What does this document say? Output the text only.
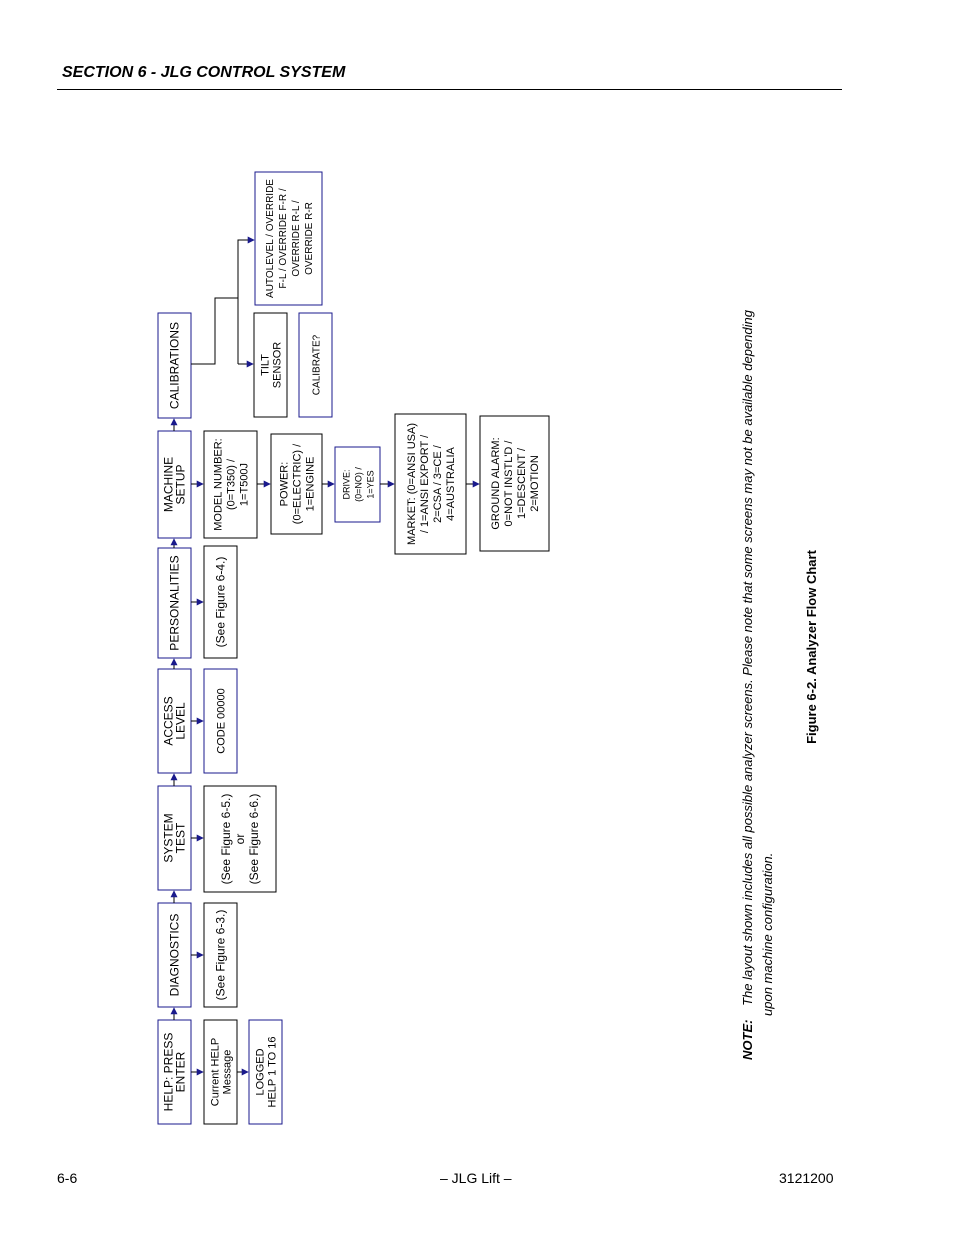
SECTION 6 - JLG CONTROL SYSTEM
HELP: PRESSENTER
DIAGNOSTICS
SYSTEMTEST
ACCESSLEVEL
PERSONALITIES
MACHINESETUP
CALIBRATIONS
Current HELPMessage LOGGEDHELP 1 TO 16
(See Figure 6-3.)
(See Figure 6-5.)or(See Figure 6-6.)
CODE 00000
(See Figure 6-4.)
MODEL NUMBER:(0=T350) /1=T500J	POWER:(0=ELECTRIC) /1=ENGINE	DRIVE: (0=NO) / 1=YES	MARKET: (0=ANSI USA)/ 1=ANSI EXPORT /2=CSA / 3=CE /4=AUSTRALIA	GROUND ALARM:0=NOT INSTL'D /1=DESCENT /2=MOTION
TILTSENSOR	CALIBRATE?
AUTOLEVEL / OVERRIDE F-L / OVERRIDE F-R / OVERRIDE R-L / OVERRIDE R-R
NOTE: The layout shown includes all possible analyzer screens. Please note that some screens may not be available depending upon machine configuration.
Figure 6-2. Analyzer Flow Chart
6-6	– JLG Lift –	3121200
